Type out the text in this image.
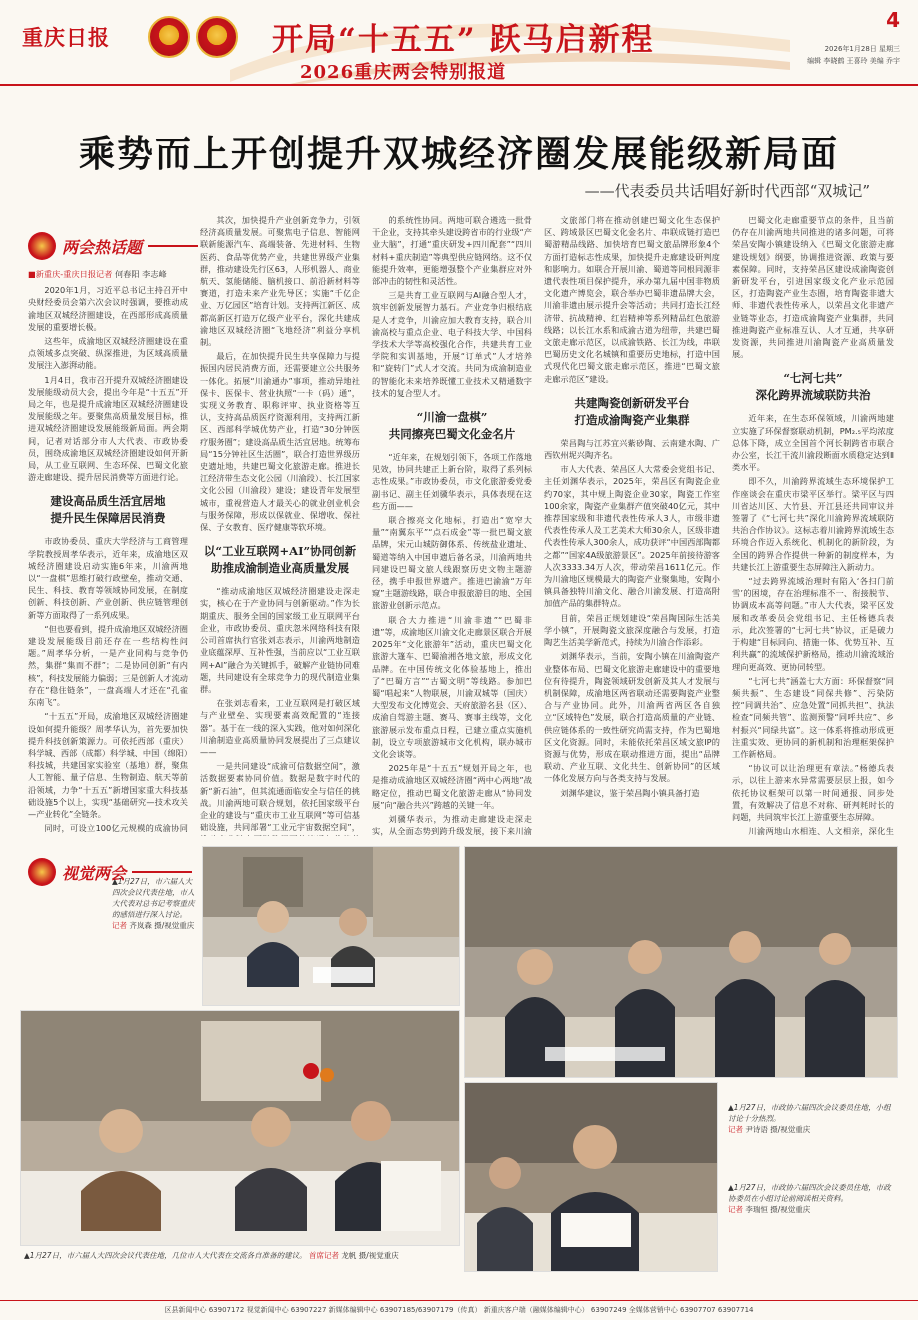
重庆日报	开局“十五五” 跃马启新程
2026重庆两会特别报道
4
2026年1月28日 星期三
编辑 李晓鹤 王喜玲 美编 乔宇
乘势而上开创提升双城经济圈发展能级新局面
——代表委员共话唱好新时代西部“双城记”
两会热话题
■新重庆-重庆日报记者 何春阳 李志峰

2020年1月，习近平总书记主持召开中央财经委员会第六次会议时强调，要推动成渝地区双城经济圈建设，在西部形成高质量发展的重要增长极。

这些年，成渝地区双城经济圈建设在重点领域多点突破、纵深推进，为区域高质量发展注入澎湃动能。

1月4日，我市召开提升双城经济圈建设发展能级动员大会，提出今年是“十五五”开局之年，也是提升成渝地区双城经济圈建设发展能级之年。要聚焦高质量发展目标，推进双城经济圈建设发展能级新局面。两会期间，记者对话部分市人大代表、市政协委员，围绕成渝地区双城经济圈建设如何开新局，从工业互联网、生态环保、巴蜀文化旅游走廊建设、提升居民消费等方面进行论。

建设高品质生活宜居地
提升民生保障居民消费

市政协委员、重庆大学经济与工商管理学院教授周孝华表示，近年来，成渝地区双城经济圈建设启动实施6年来，川渝两地以“一盘棋”思维打破行政壁垒，推动交通、民生、科技、教育等领域协同发展，在制度创新、科技创新、产业创新、供应链管理创新等方面取得了一系列成果。

“但也要看到，提升成渝地区双城经济圈建设发展能级目前还存在一些结构性问题。”周孝华分析，一是产业同构与竞争仍然，集群“集而不群”；二是协同创新“有内核”，科技发展能力偏弱；三是创新人才流动存在“稳住链条”，一盘高端人才还在“孔雀东南飞”。

“十五五”开局，成渝地区双城经济圈建设如何提升能级？周孝华认为，首先要加快提升科技创新策源力。可依托西部（重庆）科学城、西部（成都）科学城、中国（绵阳）科技城，共建国家实验室（基地）群，聚焦人工智能、量子信息、生物制造、航天等前沿领域，力争“十五五”新增国家重大科技基础设施5个以上，实现“基础研究—技术攻关—产业转化”全链条。

同时，可设立100亿元规模的成渝协同

其次，加快提升产业创新竞争力，引领经济高质量发展。可聚焦电子信息、智能网联新能源汽车、高端装备、先进材料、生物医药、食品等优势产业，共建世界级产业集群，推动建设先行区63，人形机器人、商业航天、氢能储能、脑机接口、前沿新材料等赛道，打造未来产业先导区；实施“千亿企业、万亿园区”培育计划。支持两江新区、成都高新区打造万亿级产业平台，深化共建成渝地区双城经济圈“飞地经济”利益分享机制。

最后，在加快提升民生共享保障力与提振国内居民消费方面，还需要建立公共服务一体化。拓展“川渝通办”事项，推动异地社保卡、医保卡、营业执照“一卡（码）通”，实现义务教育、职称评审、执业资格等互认，支持高品质医疗资源利用，支持两江新区、西部科学城优势产业，打造“30分钟医疗服务圈”；建设高品质生活宜居地。统筹布局“15分钟社区生活圈”，联合打造世界级历史遗址地，共建巴蜀文化旅游走廊。推进长江经济带生态文化公园（川渝段）、长江国家文化公园（川渝段）建设；建设青年发展型城市，重视营造人才最关心的就业创业机会与服务保障，形成以保就业、保增收、保社保、子女教育、医疗健康等软环境。

以“工业互联网+AI”协同创新
助推成渝制造业高质量发展

“推动成渝地区双城经济圈建设走深走实，核心在于产业协同与创新驱动。”作为长期重庆、服务全国的国家级工业互联网平台企业，市政协委员、重庆忽米网络科技有限公司首席执行官张刘志表示，川渝两地制造业底蕴深厚、互补性强，当前应以“工业互联网+AI”融合为关键抓手，破解产业链协同难题，共同建设有全球竞争力的现代制造业集群。

在张刘志看来，工业互联网是打破区域与产业壁垒、实现要素高效配置的“连接器”。基于在一线的深入实践，他对如何深化川渝制造业高质量协同发展提出了三点建议——

一是共同建设“成渝可信数据空间”，激活数据要素协同价值。数据是数字时代的新“新石油”，但其流通面临安全与信任的挑战。川渝两地可联合规划，依托国家级平台企业的建设与“重庆市工业互联网”等可信基础设施，共同部署“工业元宇宙数据空间”，

的系统性协同。两地可联合遴选一批骨干企业，支持其牵头建设跨省市的行业级“产业大脑”，打通“重庆研发+四川配套”“四川材料+重庆制造”等典型供应链网络。这不仅能提升效率，更能增强整个产业集群应对外部冲击的韧性和灵活性。

三是共育工业互联网与AI融合型人才，筑牢创新发展智力基石。产业竞争归根结底是人才竞争，川渝应加大教育支持，联合川渝高校与重点企业、电子科技大学、中国科学技术大学等高校强化合作，共建共育工业学院和实训基地，开展“订单式”人才培养和“旋转门”式人才交流。共同为成渝制造业的智能化未来培养既懂工业技术又精通数字技术的复合型人才。

“川渝一盘棋”
共同擦亮巴蜀文化金名片

“近年来，在规划引领下，各项工作落地见效，协同共建正上新台阶，取得了系列标志性成果。”市政协委员，市文化旅游委党委副书记、副主任刘骥华表示，具体表现在这些方面——

联合擦亮文化地标，打造出“宽窄大量”“南翼东平”“点石成金”等一批巴蜀文旅品牌，宋元山城防御体系、传统盐业遗址、蜀道等纳入中国申遗后备名录，川渝两地共同建设巴蜀文旅人线跟察历史文物主题游径，携手申报世界遗产。推进巴渝渝“万年窥”主题游线路，联合申报旅游目的地、全国旅游业创新示范点。

联合大力推进“川渝非遗”“巴蜀非遗”等，成渝地区川渝文化走廊景区联合开展2025年“文化旅游年”活动，重庆巴蜀文化旅游大篷车、巴蜀渝湘各地文旅，形成文化品牌。在中国传统文化体验基地上，推出了“巴蜀方言”“古蜀文明”等线路。参加巴蜀“唱起来”人物联展，川渝双城等（国庆）大型发布文化博览会、天府旅游名县（区）、成渝自驾游主题、赛马、赛事主线等，文化旅游展示发布重点日程，已建立重点实施机制，设立专项旅游城市文化机构，联办城市文化会谈等。

2025年是“十五五”规划开局之年，也是推动成渝地区双城经济圈“两中心两地”战略定位，推动巴蜀文化旅游走廊从“协同发展”向“融合共兴”跨越的关键一年。

刘骥华表示，为推动走廊建设走深走实，从全面态势到跨升级发展，接下来川渝

文旅部门将在推动创建巴蜀文化生态保护区、跨域景区巴蜀文化金名片、串联成链打造巴蜀游精品线路、加快培育巴蜀文旅品牌形象4个方面打造标志性成果，加快提升走廊建设研判度和影响力。如联合开展川渝、蜀道等同根同源非遗代表性项目保护提升，承办第九届中国非物质文化遗产博览会，联合举办巴蜀非遗品牌大会，川渝非遗由展示提升会等活动；共同打造长江经济带、抗战精神、红岩精神等系列精品红色旅游线路；以长江水系和成渝古道为纽带，共建巴蜀文旅走廊示范区，以成渝铁路、长江为线，串联巴蜀历史文化名城镇和重要历史地标，打造中国式现代化巴蜀文旅走廊示范区，推进“巴蜀文旅走廊示范区”建设。

共建陶瓷创新研发平台
打造成渝陶瓷产业集群

荣昌陶与江苏宜兴紫砂陶、云南建水陶、广西钦州坭兴陶齐名。

市人大代表、荣昌区人大常委会党组书记、主任刘渊华表示，2025年，荣昌区有陶瓷企业约70家，其中规上陶瓷企业30家，陶瓷工作室100余家，陶瓷产业集群产值突破40亿元，其中推荐国家级和非遗代表性传承人3人，市级非遗代表性传承人及工艺美术大师30余人，区级非遗代表性传承人300余人，成功获评“中国西部陶都之都”“国家4A级旅游景区”。2025年前接待游客人次3333.34万人次，带动荣昌1611亿元。作为川渝地区规模最大的陶瓷产业聚集地，安陶小镇具备独特川渝文化、融合川渝发展、打造高附加值产品的集群特点。

目前，荣昌正规划建设“荣昌陶国际生活美学小镇”，开展陶瓷文旅深度融合与发展，打造陶艺生活美学新范式，持续为川渝合作添彩。

刘渊华表示，当前，安陶小镇在川渝陶瓷产业整体布局、巴蜀文化旅游走廊建设中的重要地位有待提升，陶瓷领域研发创新及其人才发展与机制保障，成渝地区两省联动还需要陶瓷产业整合与产业协同。此外，川渝两省两区各自独立“区域特色”发展，联合打造高质量的产业链、供应链体系的一致性研究尚需支持，作为巴蜀地区文化资源。同时，未能依托荣昌区域文旅IP的资源与优势，形成在联动推进方面，提出“品牌联动、产业互联、文化共生、创新协同”的区域一体化发展方向与各类支持与发展。

刘渊华建议，鉴于荣昌陶小镇具备打造

巴蜀文化走廊重要节点的条件，且当前仍存在川渝两地共同推进的诸多问题，可将荣昌安陶小镇建设纳入《巴蜀文化旅游走廊建设规划》纲要，协调推进资源、政策与要素保障。同时，支持荣昌区建设成渝陶瓷创新研发平台，引进国家级文化产业示范园区，打造陶瓷产业生态圈，培育陶瓷非遗大师、非遗代表性传承人，以荣昌文化非遗产业链等业态，打造成渝陶瓷产业集群，共同推进陶瓷产业标准互认、人才互通，共享研发资源，共同推进川渝陶瓷产业高质量发展。

“七河七共”
深化跨界流域联防共治

近年来，在生态环保领域，川渝两地建立实施了环保督察联动机制，PM₂.₅平均浓度总体下降，成立全国首个河长制跨省市联合办公室，长江干流川渝段断面水质稳定达到Ⅱ类水平。

即不久，川渝跨界流域生态环境保护工作座谈会在重庆市梁平区举行。梁平区与四川省达川区、大竹县、开江县还共同审议并签署了《“七河七共”深化川渝跨界流域联防共治合作协议》。这标志着川渝跨界流域生态环境合作迈入系统化、机制化的新阶段，为全国的跨界合作提供一种新的制度样本，为共建长江上游重要生态屏障注入新动力。

“过去跨界流域治理时有陷入‘各扫门前雪’的困境，存在治理标准不一、衔接脱节、协调成本高等问题。”市人大代表，梁平区发展和改革委员会党组书记、主任杨德兵表示，此次签署的“七河七共”协议，正是破力于构建“目标同向、措施一体、优势互补、互利共赢”的流域保护新格局，推动川渝流域治理向更高效、更协同转型。

“七河七共”涵盖七大方面：环保督察“同频共振”、生态建设“同保共修”、污染防控“同调共治”、应急处置“同抓共担”、执法检查“同频共管”、监测预警“同呼共应”、乡村振兴“同绿共富”。这一体系将推动形成更注重实效、更协同的新机制和治理框架保护工作新格局。

“协议可以让治理更有章法。”杨德兵表示，以往上游来水异常需要层层上报，如今依托协议框架可以第一时间通报、同步处置，有效解决了信息不对称、研判耗时长的问题，共同筑牢长江上游重要生态屏障。

川渝两地山水相连、人文相亲，深化生

视觉两会
▲1月27日，市六届人大四次会议代表住地，市人大代表对总书记考察重庆的感悟进行深入讨论。
记者 齐岚森 摄/视觉重庆
▲1月27日，市六届人大四次会议代表住地，几位市人大代表在交流各自准备的建议。 首席记者 龙帆 摄/视觉重庆
▲1月27日，市政协六届四次会议委员住地，小组讨论十分热烈。
记者 尹诗语 摄/视觉重庆
▲1月27日，市政协六届四次会议委员住地，市政协委员在小组讨论前阅读相关资料。
记者 李瑞恒 摄/视觉重庆
区县新闻中心 63907172 视觉新闻中心 63907227 新媒体编辑中心 63907185/63907179（传真） 新重庆客户端（融媒体编辑中心） 63907249 全媒体营销中心 63907707 63907714
